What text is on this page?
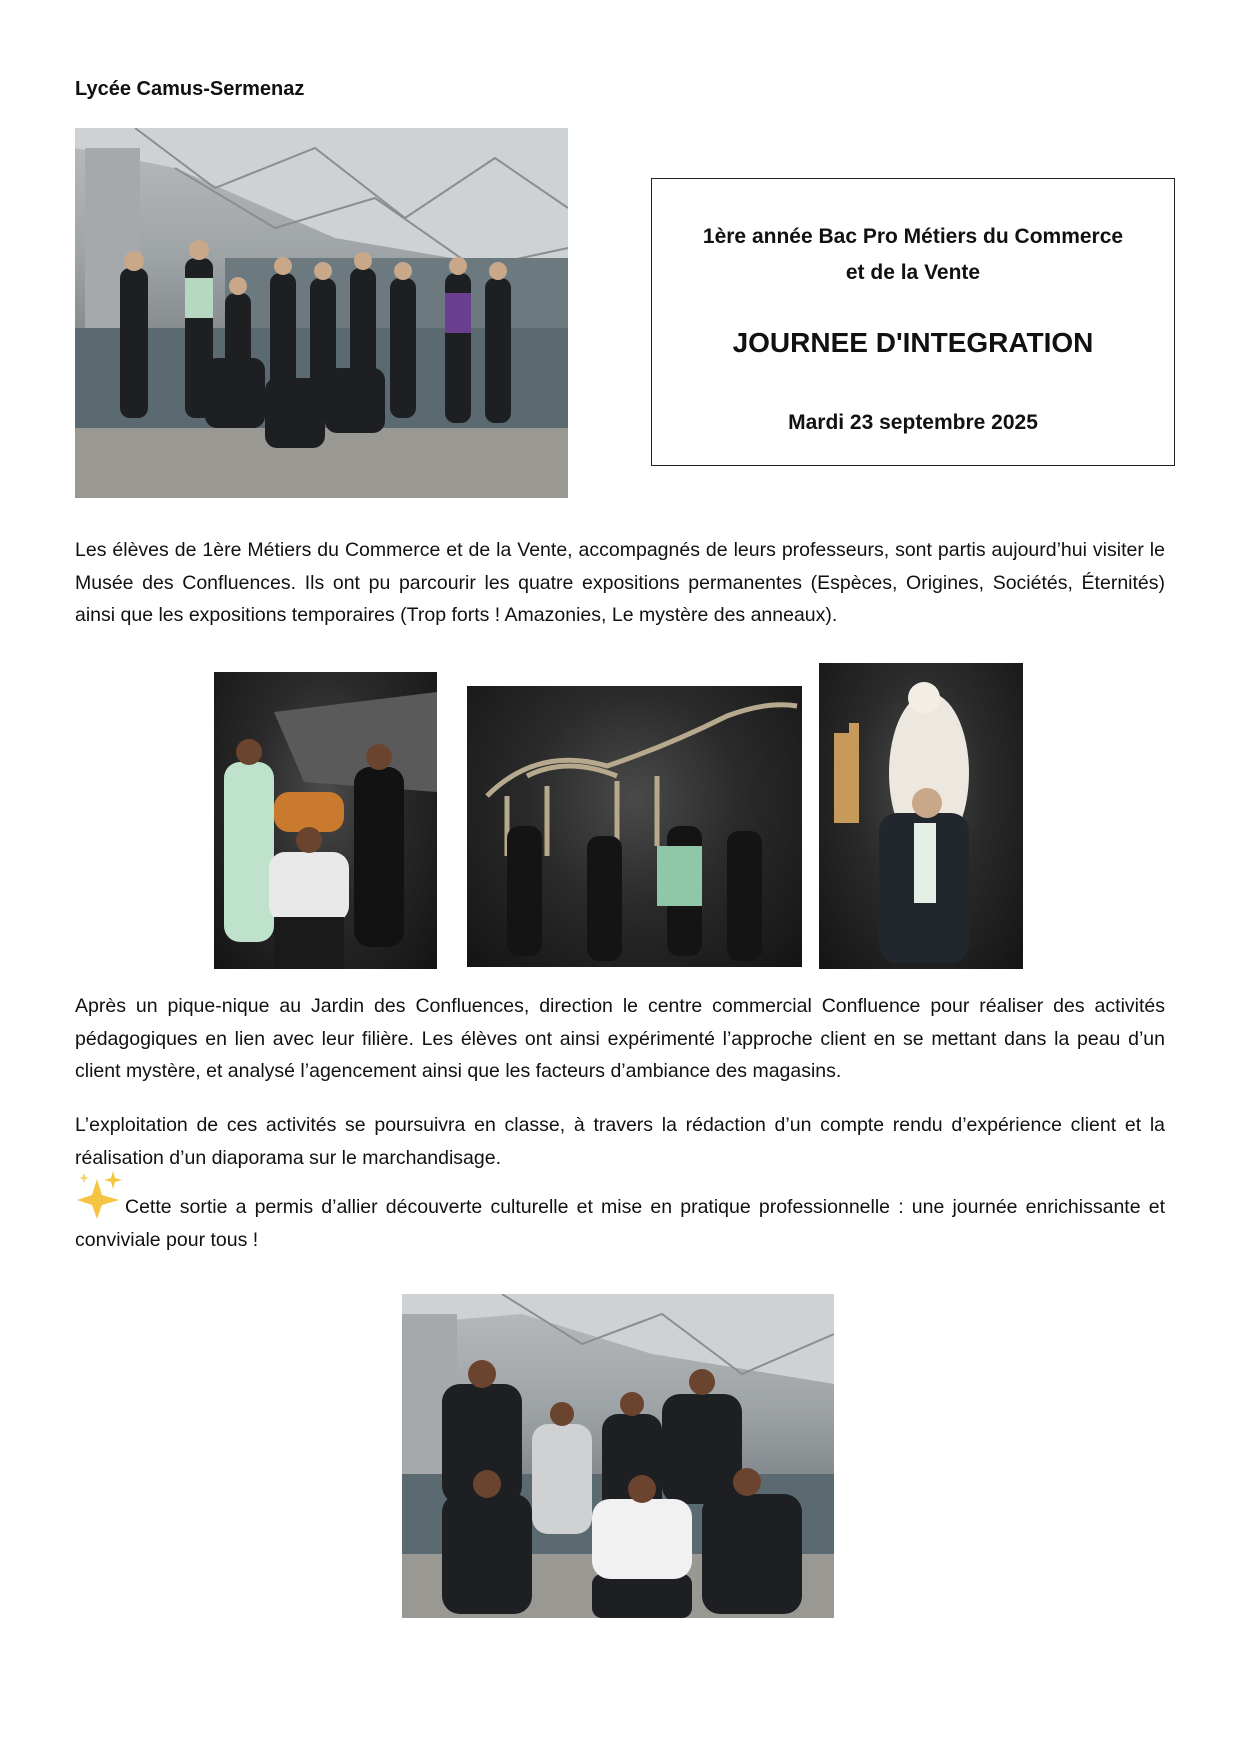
Lycée Camus-Sermenaz
1ère année Bac Pro Métiers du Commerce et de la Vente
JOURNEE D'INTEGRATION
Mardi 23 septembre 2025

Les élèves de 1ère Métiers du Commerce et de la Vente, accompagnés de leurs professeurs, sont partis aujourd’hui visiter le Musée des Confluences. Ils ont pu parcourir les quatre expositions permanentes (Espèces, Origines, Sociétés, Éternités) ainsi que les expositions temporaires (Trop forts ! Amazonies, Le mystère des anneaux).

Après un pique-nique au Jardin des Confluences, direction le centre commercial Confluence pour réaliser des activités pédagogiques en lien avec leur filière. Les élèves ont ainsi expérimenté l’approche client en se mettant dans la peau d’un client mystère, et analysé l’agencement ainsi que les facteurs d’ambiance des magasins.

L’exploitation de ces activités se poursuivra en classe, à travers la rédaction d’un compte rendu d’expérience client et la réalisation d’un diaporama sur le marchandisage.

Cette sortie a permis d’allier découverte culturelle et mise en pratique professionnelle : une journée enrichissante et conviviale pour tous !
